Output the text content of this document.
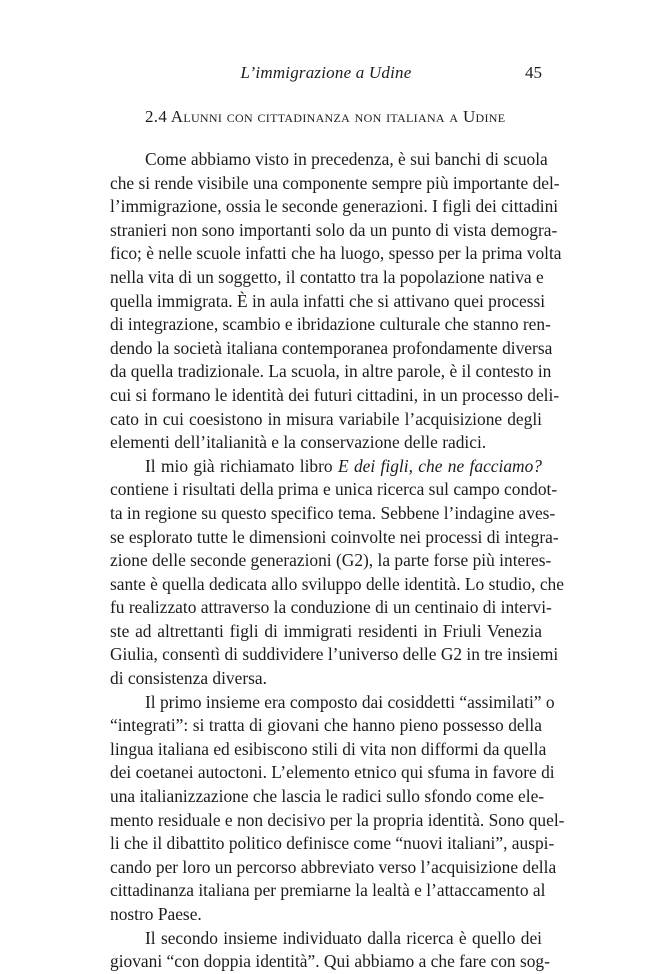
L’immigrazione a Udine	45
2.4 Alunni con cittadinanza non italiana a Udine
Come abbiamo visto in precedenza, è sui banchi di scuola
che si rende visibile una componente sempre più importante del-
l’immigrazione, ossia le seconde generazioni. I figli dei cittadini
stranieri non sono importanti solo da un punto di vista demogra-
fico; è nelle scuole infatti che ha luogo, spesso per la prima volta
nella vita di un soggetto, il contatto tra la popolazione nativa e
quella immigrata. È in aula infatti che si attivano quei processi
di integrazione, scambio e ibridazione culturale che stanno ren-
dendo la società italiana contemporanea profondamente diversa
da quella tradizionale. La scuola, in altre parole, è il contesto in
cui si formano le identità dei futuri cittadini, in un processo deli-
cato in cui coesistono in misura variabile l’acquisizione degli
elementi dell’italianità e la conservazione delle radici.
Il mio già richiamato libro E dei figli, che ne facciamo?
contiene i risultati della prima e unica ricerca sul campo condot-
ta in regione su questo specifico tema. Sebbene l’indagine aves-
se esplorato tutte le dimensioni coinvolte nei processi di integra-
zione delle seconde generazioni (G2), la parte forse più interes-
sante è quella dedicata allo sviluppo delle identità. Lo studio, che
fu realizzato attraverso la conduzione di un centinaio di intervi-
ste ad altrettanti figli di immigrati residenti in Friuli Venezia
Giulia, consentì di suddividere l’universo delle G2 in tre insiemi
di consistenza diversa.
Il primo insieme era composto dai cosiddetti “assimilati” o
“integrati”: si tratta di giovani che hanno pieno possesso della
lingua italiana ed esibiscono stili di vita non difformi da quella
dei coetanei autoctoni. L’elemento etnico qui sfuma in favore di
una italianizzazione che lascia le radici sullo sfondo come ele-
mento residuale e non decisivo per la propria identità. Sono quel-
li che il dibattito politico definisce come “nuovi italiani”, auspi-
cando per loro un percorso abbreviato verso l’acquisizione della
cittadinanza italiana per premiarne la lealtà e l’attaccamento al
nostro Paese.
Il secondo insieme individuato dalla ricerca è quello dei
giovani “con doppia identità”. Qui abbiamo a che fare con sog-
